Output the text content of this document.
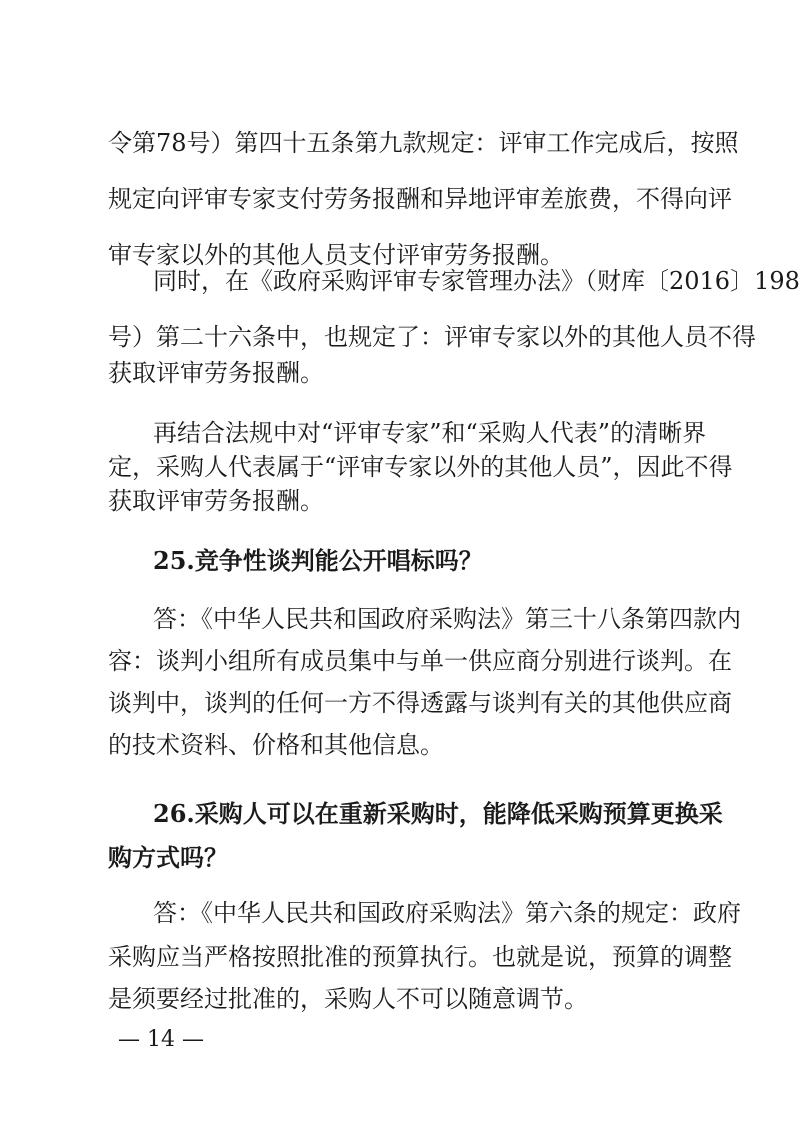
令第78号）第四十五条第九款规定：评审工作完成后，按照
规定向评审专家支付劳务报酬和异地评审差旅费，不得向评
审专家以外的其他人员支付评审劳务报酬。
同时，在《政府采购评审专家管理办法》（财库〔2016〕198
号）第二十六条中，也规定了：评审专家以外的其他人员不得
获取评审劳务报酬。
再结合法规中对“评审专家”和“采购人代表”的清晰界
定，采购人代表属于“评审专家以外的其他人员”，因此不得
获取评审劳务报酬。
25.竞争性谈判能公开唱标吗？
答：《中华人民共和国政府采购法》第三十八条第四款内
容：谈判小组所有成员集中与单一供应商分别进行谈判。在
谈判中，谈判的任何一方不得透露与谈判有关的其他供应商
的技术资料、价格和其他信息。
26.采购人可以在重新采购时，能降低采购预算更换采
购方式吗？
答：《中华人民共和国政府采购法》第六条的规定：政府
采购应当严格按照批准的预算执行。也就是说，预算的调整
是须要经过批准的，采购人不可以随意调节。
— 14 —
